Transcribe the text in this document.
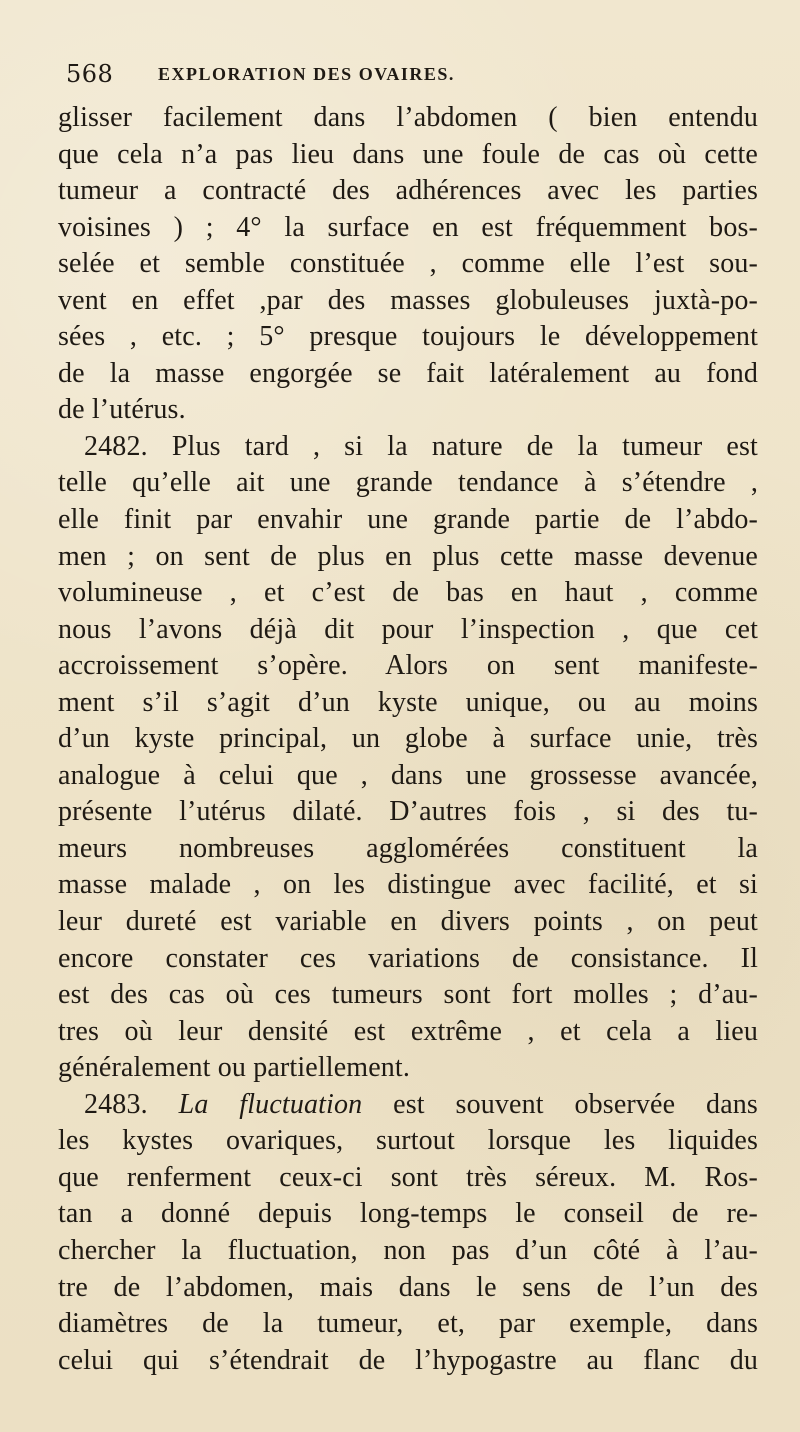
568 EXPLORATION DES OVAIRES.
glisser facilement dans l’abdomen ( bien entendu
que cela n’a pas lieu dans une foule de cas où cette
tumeur a contracté des adhérences avec les parties
voisines ) ; 4° la surface en est fréquemment bos-
selée et semble constituée , comme elle l’est sou-
vent en effet ,par des masses globuleuses juxtà-po-
sées , etc. ; 5° presque toujours le développement
de la masse engorgée se fait latéralement au fond
de l’utérus.
2482. Plus tard , si la nature de la tumeur est
telle qu’elle ait une grande tendance à s’étendre ,
elle finit par envahir une grande partie de l’abdo-
men ; on sent de plus en plus cette masse devenue
volumineuse , et c’est de bas en haut , comme
nous l’avons déjà dit pour l’inspection , que cet
accroissement s’opère. Alors on sent manifeste-
ment s’il s’agit d’un kyste unique, ou au moins
d’un kyste principal, un globe à surface unie, très
analogue à celui que , dans une grossesse avancée,
présente l’utérus dilaté. D’autres fois , si des tu-
meurs nombreuses agglomérées constituent la
masse malade , on les distingue avec facilité, et si
leur dureté est variable en divers points , on peut
encore constater ces variations de consistance. Il
est des cas où ces tumeurs sont fort molles ; d’au-
tres où leur densité est extrême , et cela a lieu
généralement ou partiellement.
2483. La fluctuation est souvent observée dans
les kystes ovariques, surtout lorsque les liquides
que renferment ceux-ci sont très séreux. M. Ros-
tan a donné depuis long-temps le conseil de re-
chercher la fluctuation, non pas d’un côté à l’au-
tre de l’abdomen, mais dans le sens de l’un des
diamètres de la tumeur, et, par exemple, dans
celui qui s’étendrait de l’hypogastre au flanc du
